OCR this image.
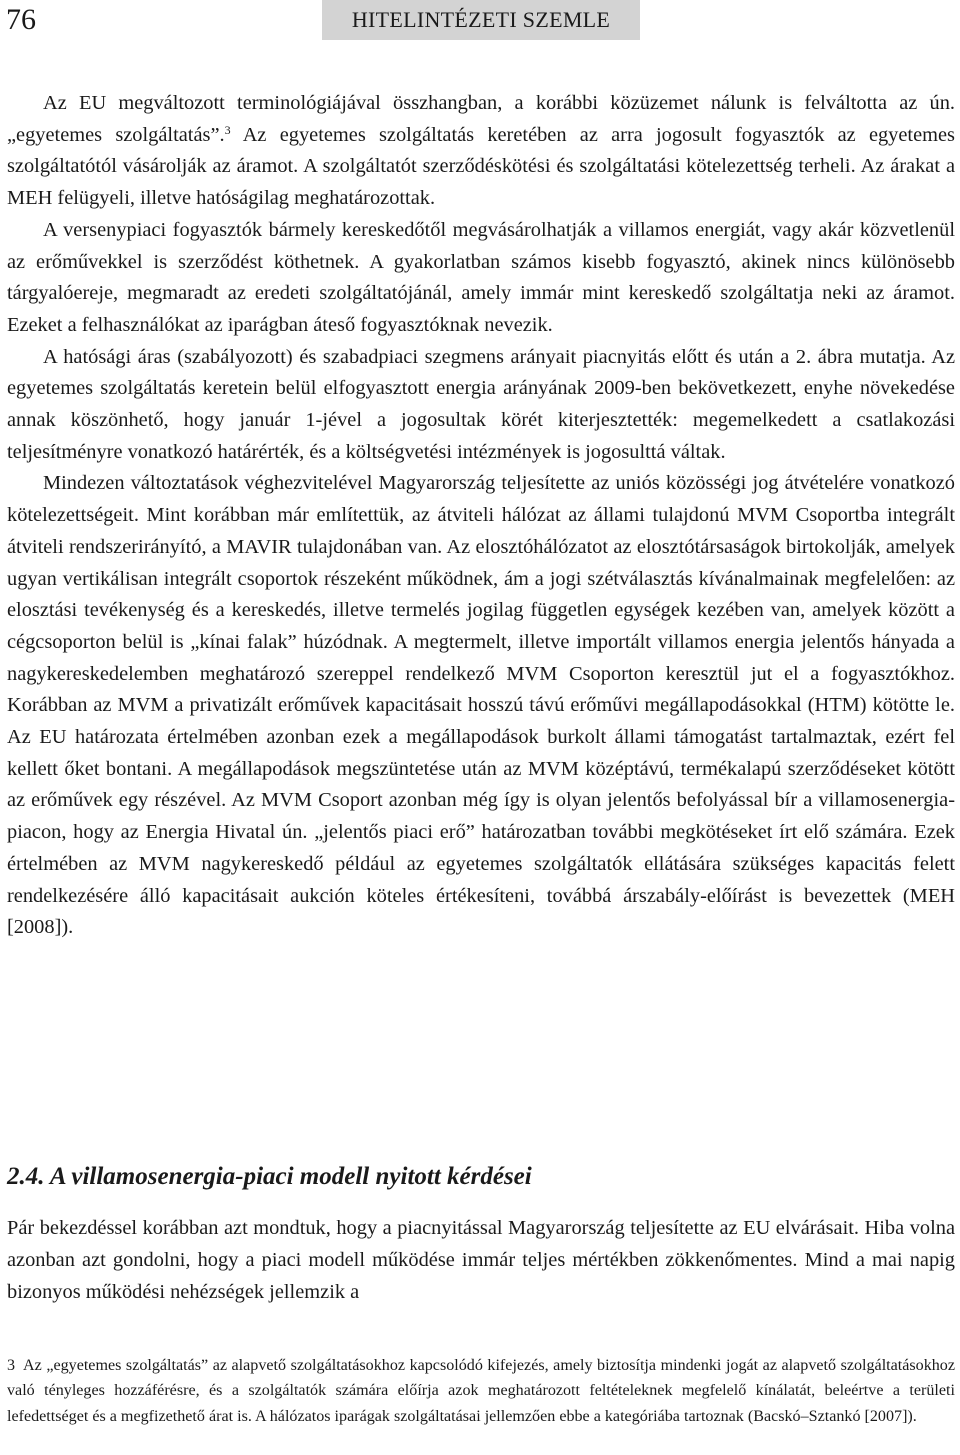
76	HITELINTÉZETI SZEMLE

Az EU megváltozott terminológiájával összhangban, a korábbi közüzemet nálunk is felváltotta az ún. „egyetemes szolgáltatás”.$^3$ Az egyetemes szolgáltatás keretében az arra jogosult fogyasztók az egyetemes szolgáltatótól vásárolják az áramot. A szolgáltatót szerződéskötési és szolgáltatási kötelezettség terheli. Az árakat a MEH felügyeli, illetve hatóságilag meghatározottak.

A versenypiaci fogyasztók bármely kereskedőtől megvásárolhatják a villamos energiát, vagy akár közvetlenül az erőművekkel is szerződést köthetnek. A gyakorlatban számos kisebb fogyasztó, akinek nincs különösebb tárgyalóereje, megmaradt az eredeti szolgáltatójánál, amely immár mint kereskedő szolgáltatja neki az áramot. Ezeket a felhasználókat az iparágban áteső fogyasztóknak nevezik.

A hatósági áras (szabályozott) és szabadpiaci szegmens arányait piacnyitás előtt és után a 2. ábra mutatja. Az egyetemes szolgáltatás keretein belül elfogyasztott energia arányának 2009-ben bekövetkezett, enyhe növekedése annak köszönhető, hogy január 1-jével a jogosultak körét kiterjesztették: megemelkedett a csatlakozási teljesítményre vonatkozó határérték, és a költségvetési intézmények is jogosulttá váltak.

Mindezen változtatások véghezvitelével Magyarország teljesítette az uniós közösségi jog átvételére vonatkozó kötelezettségeit. Mint korábban már említettük, az átviteli hálózat az állami tulajdonú MVM Csoportba integrált átviteli rendszerirányító, a MAVIR tulajdonában van. Az elosztóhálózatot az elosztótársaságok birtokolják, amelyek ugyan vertikálisan integrált csoportok részeként működnek, ám a jogi szétválasztás kívánalmainak megfelelően: az elosztási tevékenység és a kereskedés, illetve termelés jogilag független egységek kezében van, amelyek között a cégcsoporton belül is „kínai falak” húzódnak. A megtermelt, illetve importált villamos energia jelentős hányada a nagykereskedelemben meghatározó szereppel rendelkező MVM Csoporton keresztül jut el a fogyasztókhoz. Korábban az MVM a privatizált erőművek kapacitásait hosszú távú erőművi megállapodásokkal (HTM) kötötte le. Az EU határozata értelmében azonban ezek a megállapodások burkolt állami támogatást tartalmaztak, ezért fel kellett őket bontani. A megállapodások megszüntetése után az MVM középtávú, termékalapú szerződéseket kötött az erőművek egy részével. Az MVM Csoport azonban még így is olyan jelentős befolyással bír a villamosenergia-piacon, hogy az Energia Hivatal ún. „jelentős piaci erő” határozatban további megkötéseket írt elő számára. Ezek értelmében az MVM nagykereskedő például az egyetemes szolgáltatók ellátására szükséges kapacitás felett rendelkezésére álló kapacitásait aukción köteles értékesíteni, továbbá árszabály-előírást is bevezettek (MEH [2008]).

2.4. A villamosenergia-piaci modell nyitott kérdései

Pár bekezdéssel korábban azt mondtuk, hogy a piacnyitással Magyarország teljesítette az EU elvárásait. Hiba volna azonban azt gondolni, hogy a piaci modell működése immár teljes mértékben zökkenőmentes. Mind a mai napig bizonyos működési nehézségek jellemzik a

3 Az „egyetemes szolgáltatás” az alapvető szolgáltatásokhoz kapcsolódó kifejezés, amely biztosítja mindenki jogát az alapvető szolgáltatásokhoz való tényleges hozzáférésre, és a szolgáltatók számára előírja azok meghatározott feltételeknek megfelelő kínálatát, beleértve a területi lefedettséget és a megfizethető árat is. A hálózatos iparágak szolgáltatásai jellemzően ebbe a kategóriába tartoznak (Bacskó–Sztankó [2007]).
